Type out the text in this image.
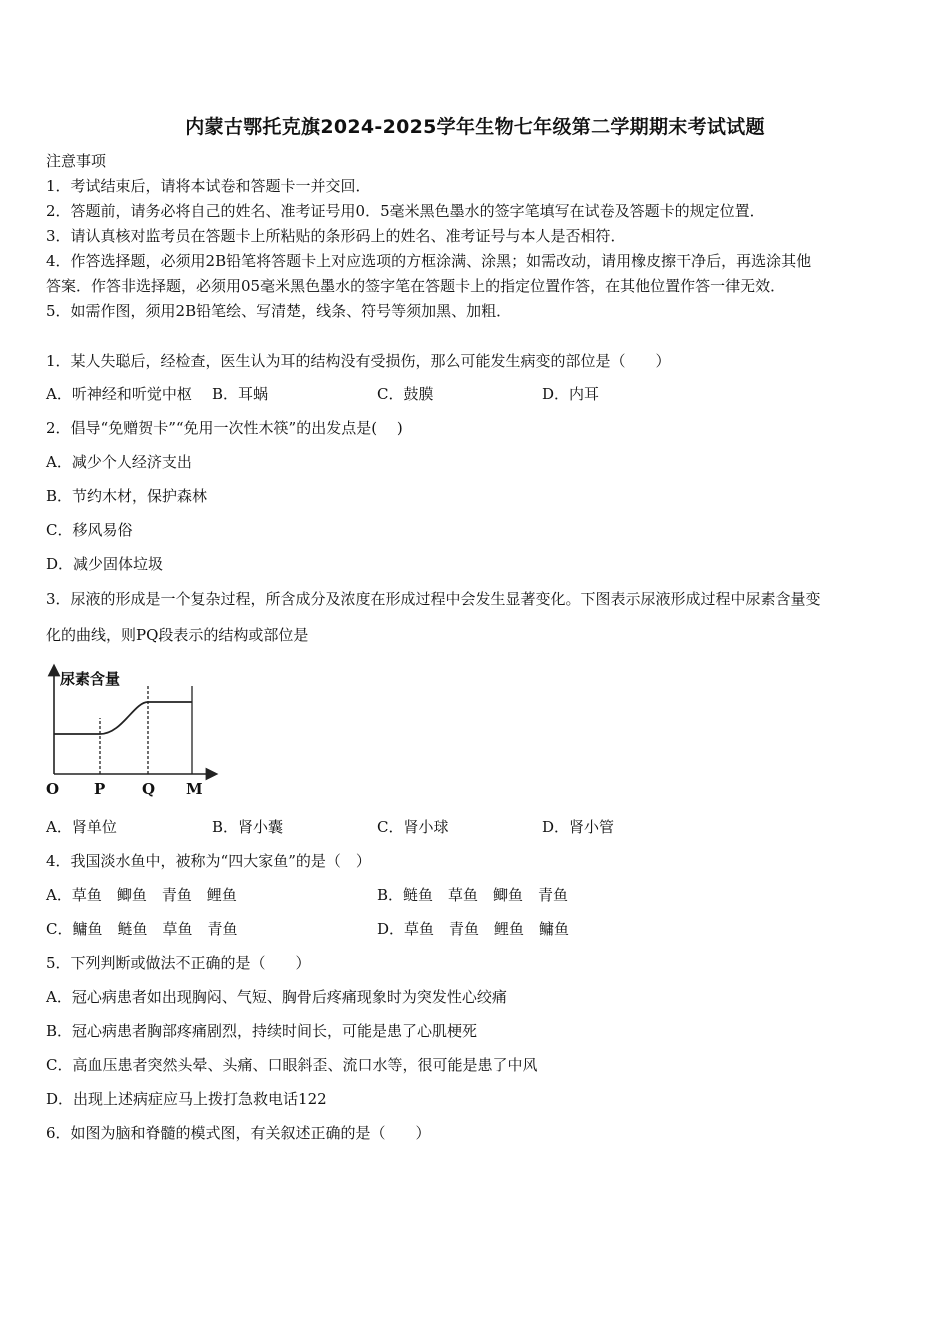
内蒙古鄂托克旗2024-2025学年生物七年级第二学期期末考试试题
注意事项
1．考试结束后，请将本试卷和答题卡一并交回．
2．答题前，请务必将自己的姓名、准考证号用0．5毫米黑色墨水的签字笔填写在试卷及答题卡的规定位置．
3．请认真核对监考员在答题卡上所粘贴的条形码上的姓名、准考证号与本人是否相符．
4．作答选择题，必须用2B铅笔将答题卡上对应选项的方框涂满、涂黑；如需改动，请用橡皮擦干净后，再选涂其他
答案．作答非选择题，必须用05毫米黑色墨水的签字笔在答题卡上的指定位置作答，在其他位置作答一律无效．
5．如需作图，须用2B铅笔绘、写清楚，线条、符号等须加黑、加粗．
1．某人失聪后，经检查，医生认为耳的结构没有受损伤，那么可能发生病变的部位是（　　）
A．听神经和听觉中枢 B．耳蜗	C．鼓膜	D．内耳
2．倡导“免赠贺卡”“免用一次性木筷”的出发点是(　 )
A．减少个人经济支出
B．节约木材，保护森林
C．移风易俗
D．减少固体垃圾
3．尿液的形成是一个复杂过程，所含成分及浓度在形成过程中会发生显著变化。下图表示尿液形成过程中尿素含量变
化的曲线，则PQ段表示的结构或部位是
尿素含量
O P Q M
A．肾单位	B．肾小囊	C．肾小球	D．肾小管
4．我国淡水鱼中，被称为“四大家鱼”的是（　）
A．草鱼　鲫鱼　青鱼　鲤鱼	B．鲢鱼　草鱼　鲫鱼　青鱼
C．鳙鱼　鲢鱼　草鱼　青鱼	D．草鱼　青鱼　鲤鱼　鳙鱼
5．下列判断或做法不正确的是（　　）
A．冠心病患者如出现胸闷、气短、胸骨后疼痛现象时为突发性心绞痛
B．冠心病患者胸部疼痛剧烈，持续时间长，可能是患了心肌梗死
C．高血压患者突然头晕、头痛、口眼斜歪、流口水等，很可能是患了中风
D．出现上述病症应马上拨打急救电话122
6．如图为脑和脊髓的模式图，有关叙述正确的是（　　）
